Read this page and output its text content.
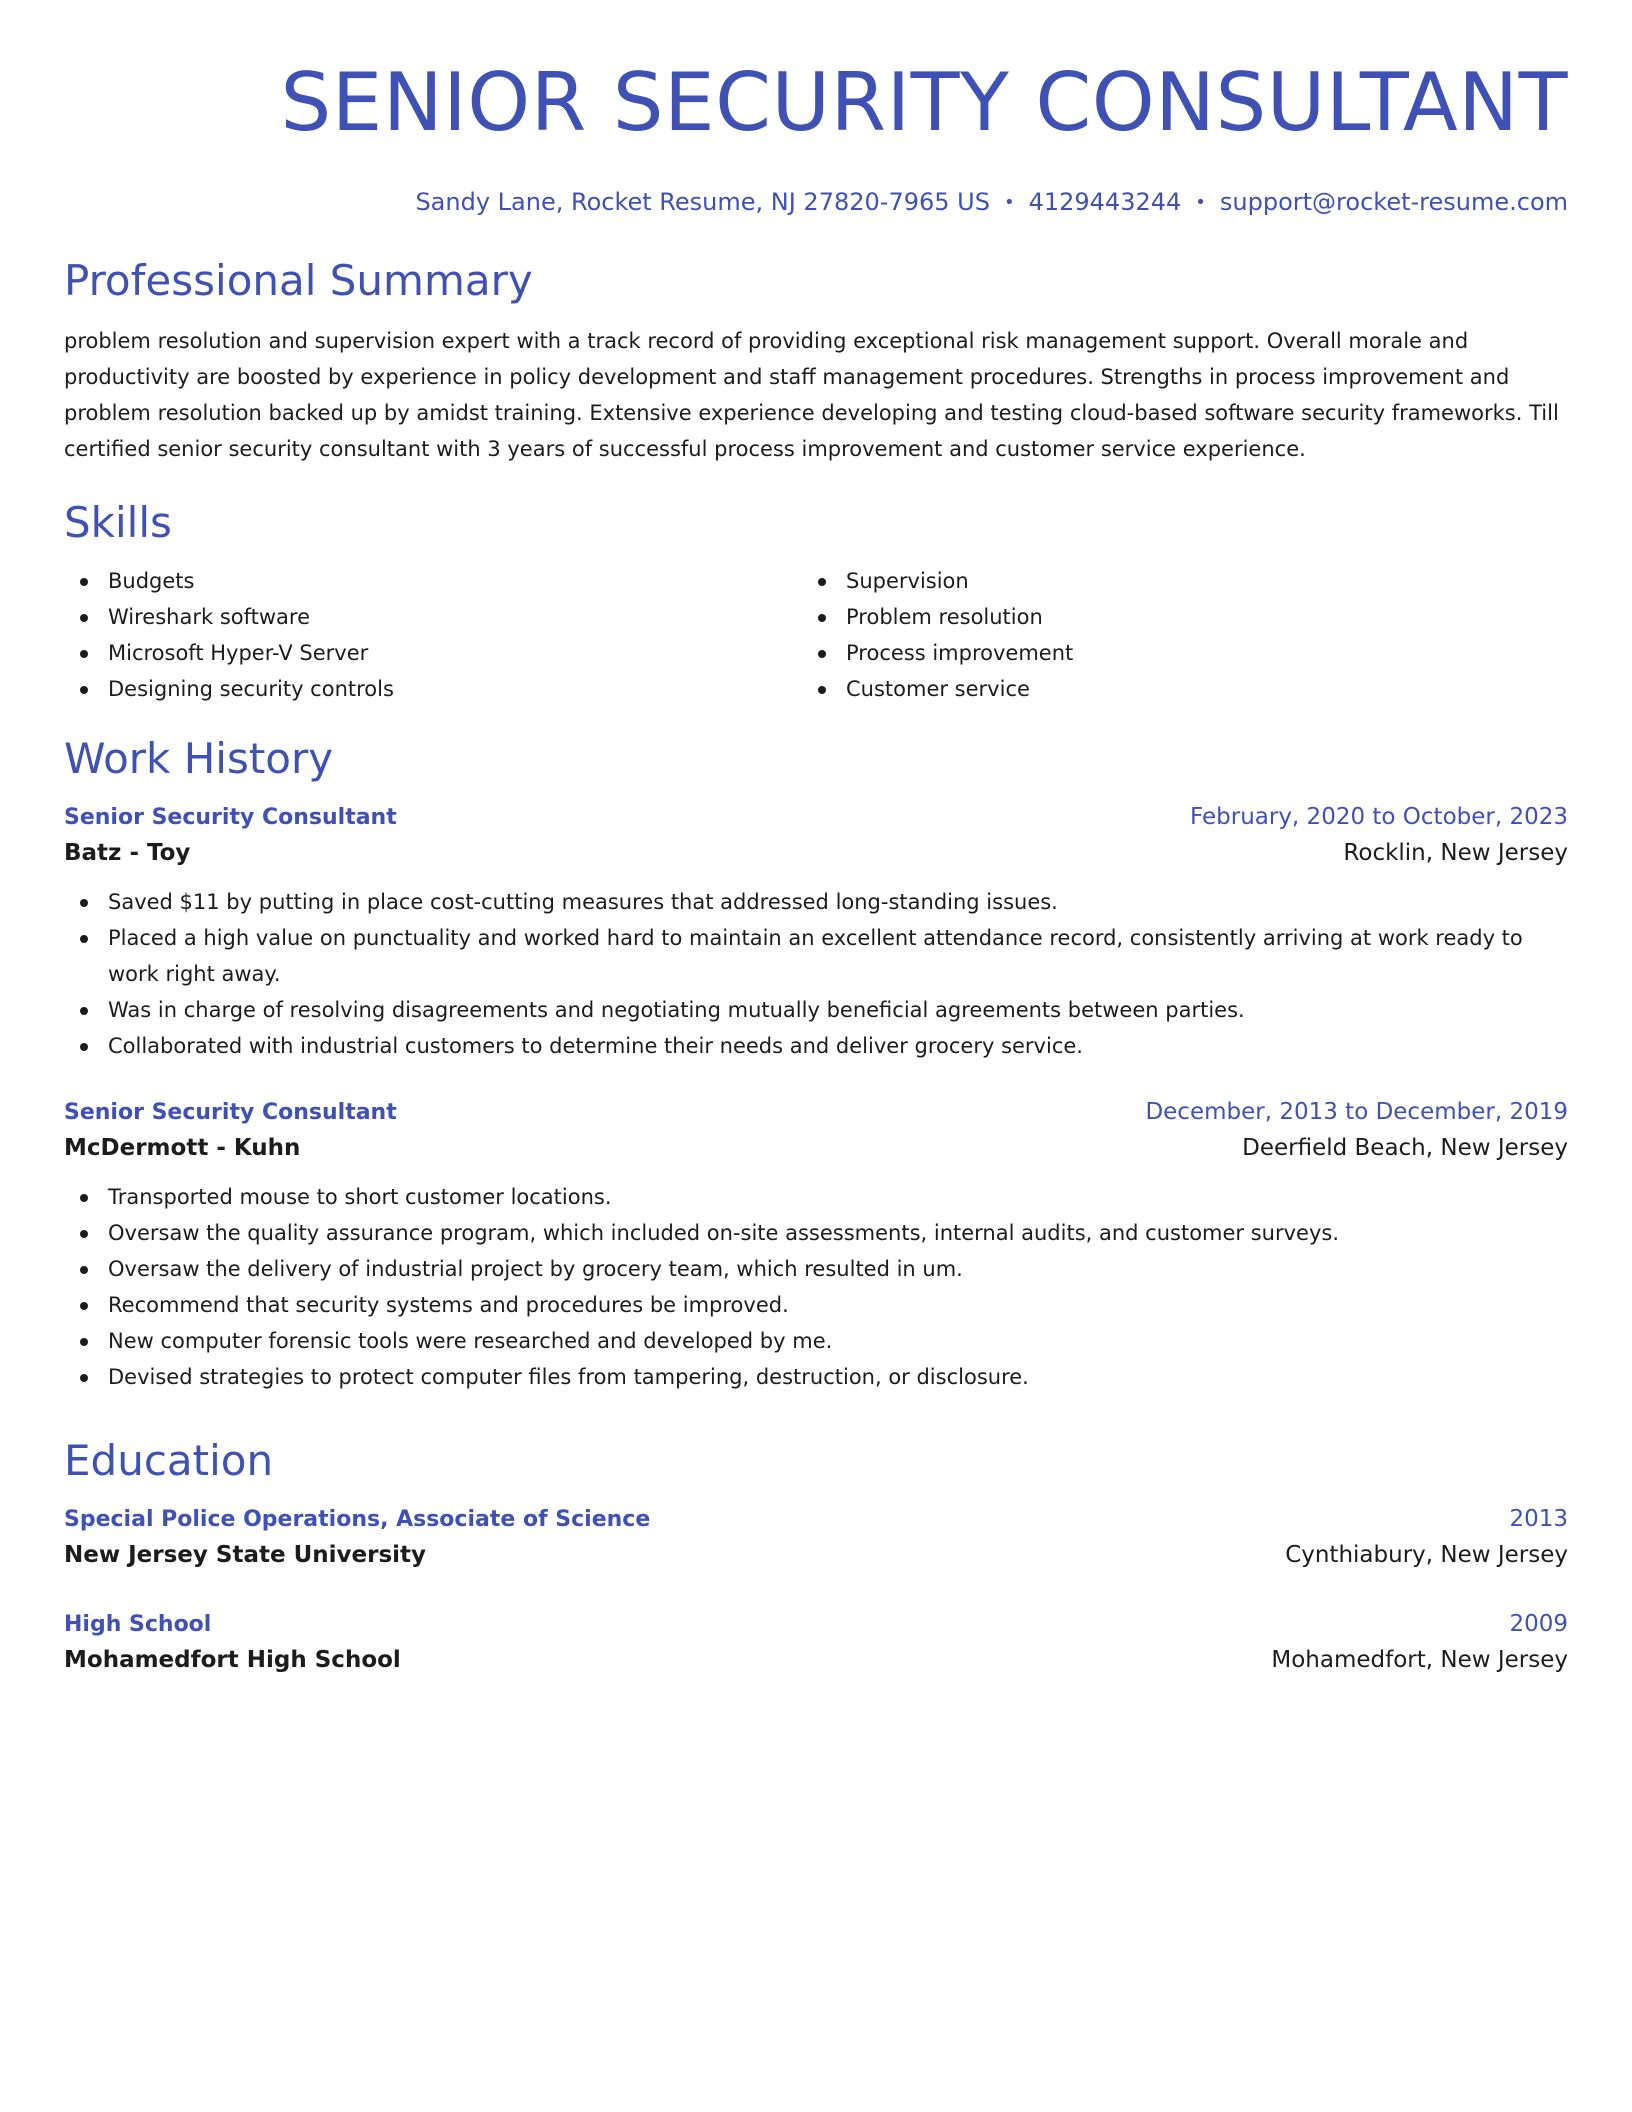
SENIOR SECURITY CONSULTANT
Sandy Lane, Rocket Resume, NJ 27820-7965 US • 4129443244 • support@rocket-resume.com
Professional Summary

problem resolution and supervision expert with a track record of providing exceptional risk management support. Overall morale and productivity are boosted by experience in policy development and staff management procedures. Strengths in process improvement and problem resolution backed up by amidst training. Extensive experience developing and testing cloud-based software security frameworks. Till certified senior security consultant with 3 years of successful process improvement and customer service experience.

Skills
Budgets
Wireshark software
Microsoft Hyper-V Server
Designing security controls
Supervision
Problem resolution
Process improvement
Customer service
Work History
Senior Security Consultant	February, 2020 to October, 2023
Batz - Toy	Rocklin, New Jersey
Saved $11 by putting in place cost-cutting measures that addressed long-standing issues.
Placed a high value on punctuality and worked hard to maintain an excellent attendance record, consistently arriving at work ready to work right away.
Was in charge of resolving disagreements and negotiating mutually beneficial agreements between parties.
Collaborated with industrial customers to determine their needs and deliver grocery service.
Senior Security Consultant	December, 2013 to December, 2019
McDermott - Kuhn	Deerfield Beach, New Jersey
Transported mouse to short customer locations.
Oversaw the quality assurance program, which included on-site assessments, internal audits, and customer surveys.
Oversaw the delivery of industrial project by grocery team, which resulted in um.
Recommend that security systems and procedures be improved.
New computer forensic tools were researched and developed by me.
Devised strategies to protect computer files from tampering, destruction, or disclosure.
Education
Special Police Operations, Associate of Science	2013
New Jersey State University	Cynthiabury, New Jersey
High School	2009
Mohamedfort High School	Mohamedfort, New Jersey
